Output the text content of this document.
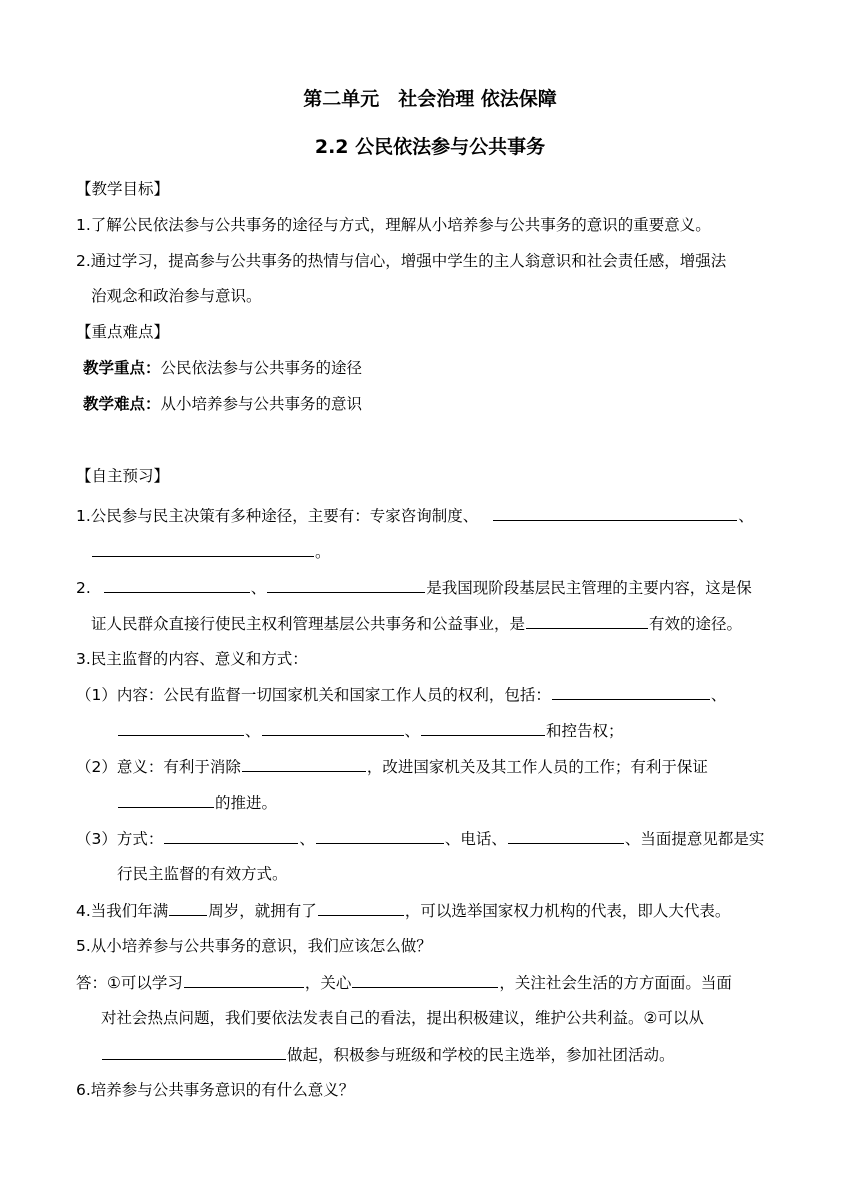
第二单元　社会治理 依法保障
2.2 公民依法参与公共事务
【教学目标】
1.了解公民依法参与公共事务的途径与方式，理解从小培养参与公共事务的意识的重要意义。
2.通过学习，提高参与公共事务的热情与信心，增强中学生的主人翁意识和社会责任感，增强法
治观念和政治参与意识。
【重点难点】
教学重点：公民依法参与公共事务的途径
教学难点：从小培养参与公共事务的意识
【自主预习】
1.公民参与民主决策有多种途径，主要有：专家咨询制度、	、
。
2.	、	是我国现阶段基层民主管理的主要内容，这是保
证人民群众直接行使民主权利管理基层公共事务和公益事业，是	有效的途径。
3.民主监督的内容、意义和方式：
（1）内容：公民有监督一切国家机关和国家工作人员的权利，包括：	、
、	、	和控告权；
（2）意义：有利于消除	，改进国家机关及其工作人员的工作；有利于保证
的推进。
（3）方式：	、	、电话、	、当面提意见都是实
行民主监督的有效方式。
4.当我们年满	周岁，就拥有了	，可以选举国家权力机构的代表，即人大代表。
5.从小培养参与公共事务的意识，我们应该怎么做？
答：①可以学习	，关心	，关注社会生活的方方面面。当面
对社会热点问题，我们要依法发表自己的看法，提出积极建议，维护公共利益。②可以从
做起，积极参与班级和学校的民主选举，参加社团活动。
6.培养参与公共事务意识的有什么意义？
